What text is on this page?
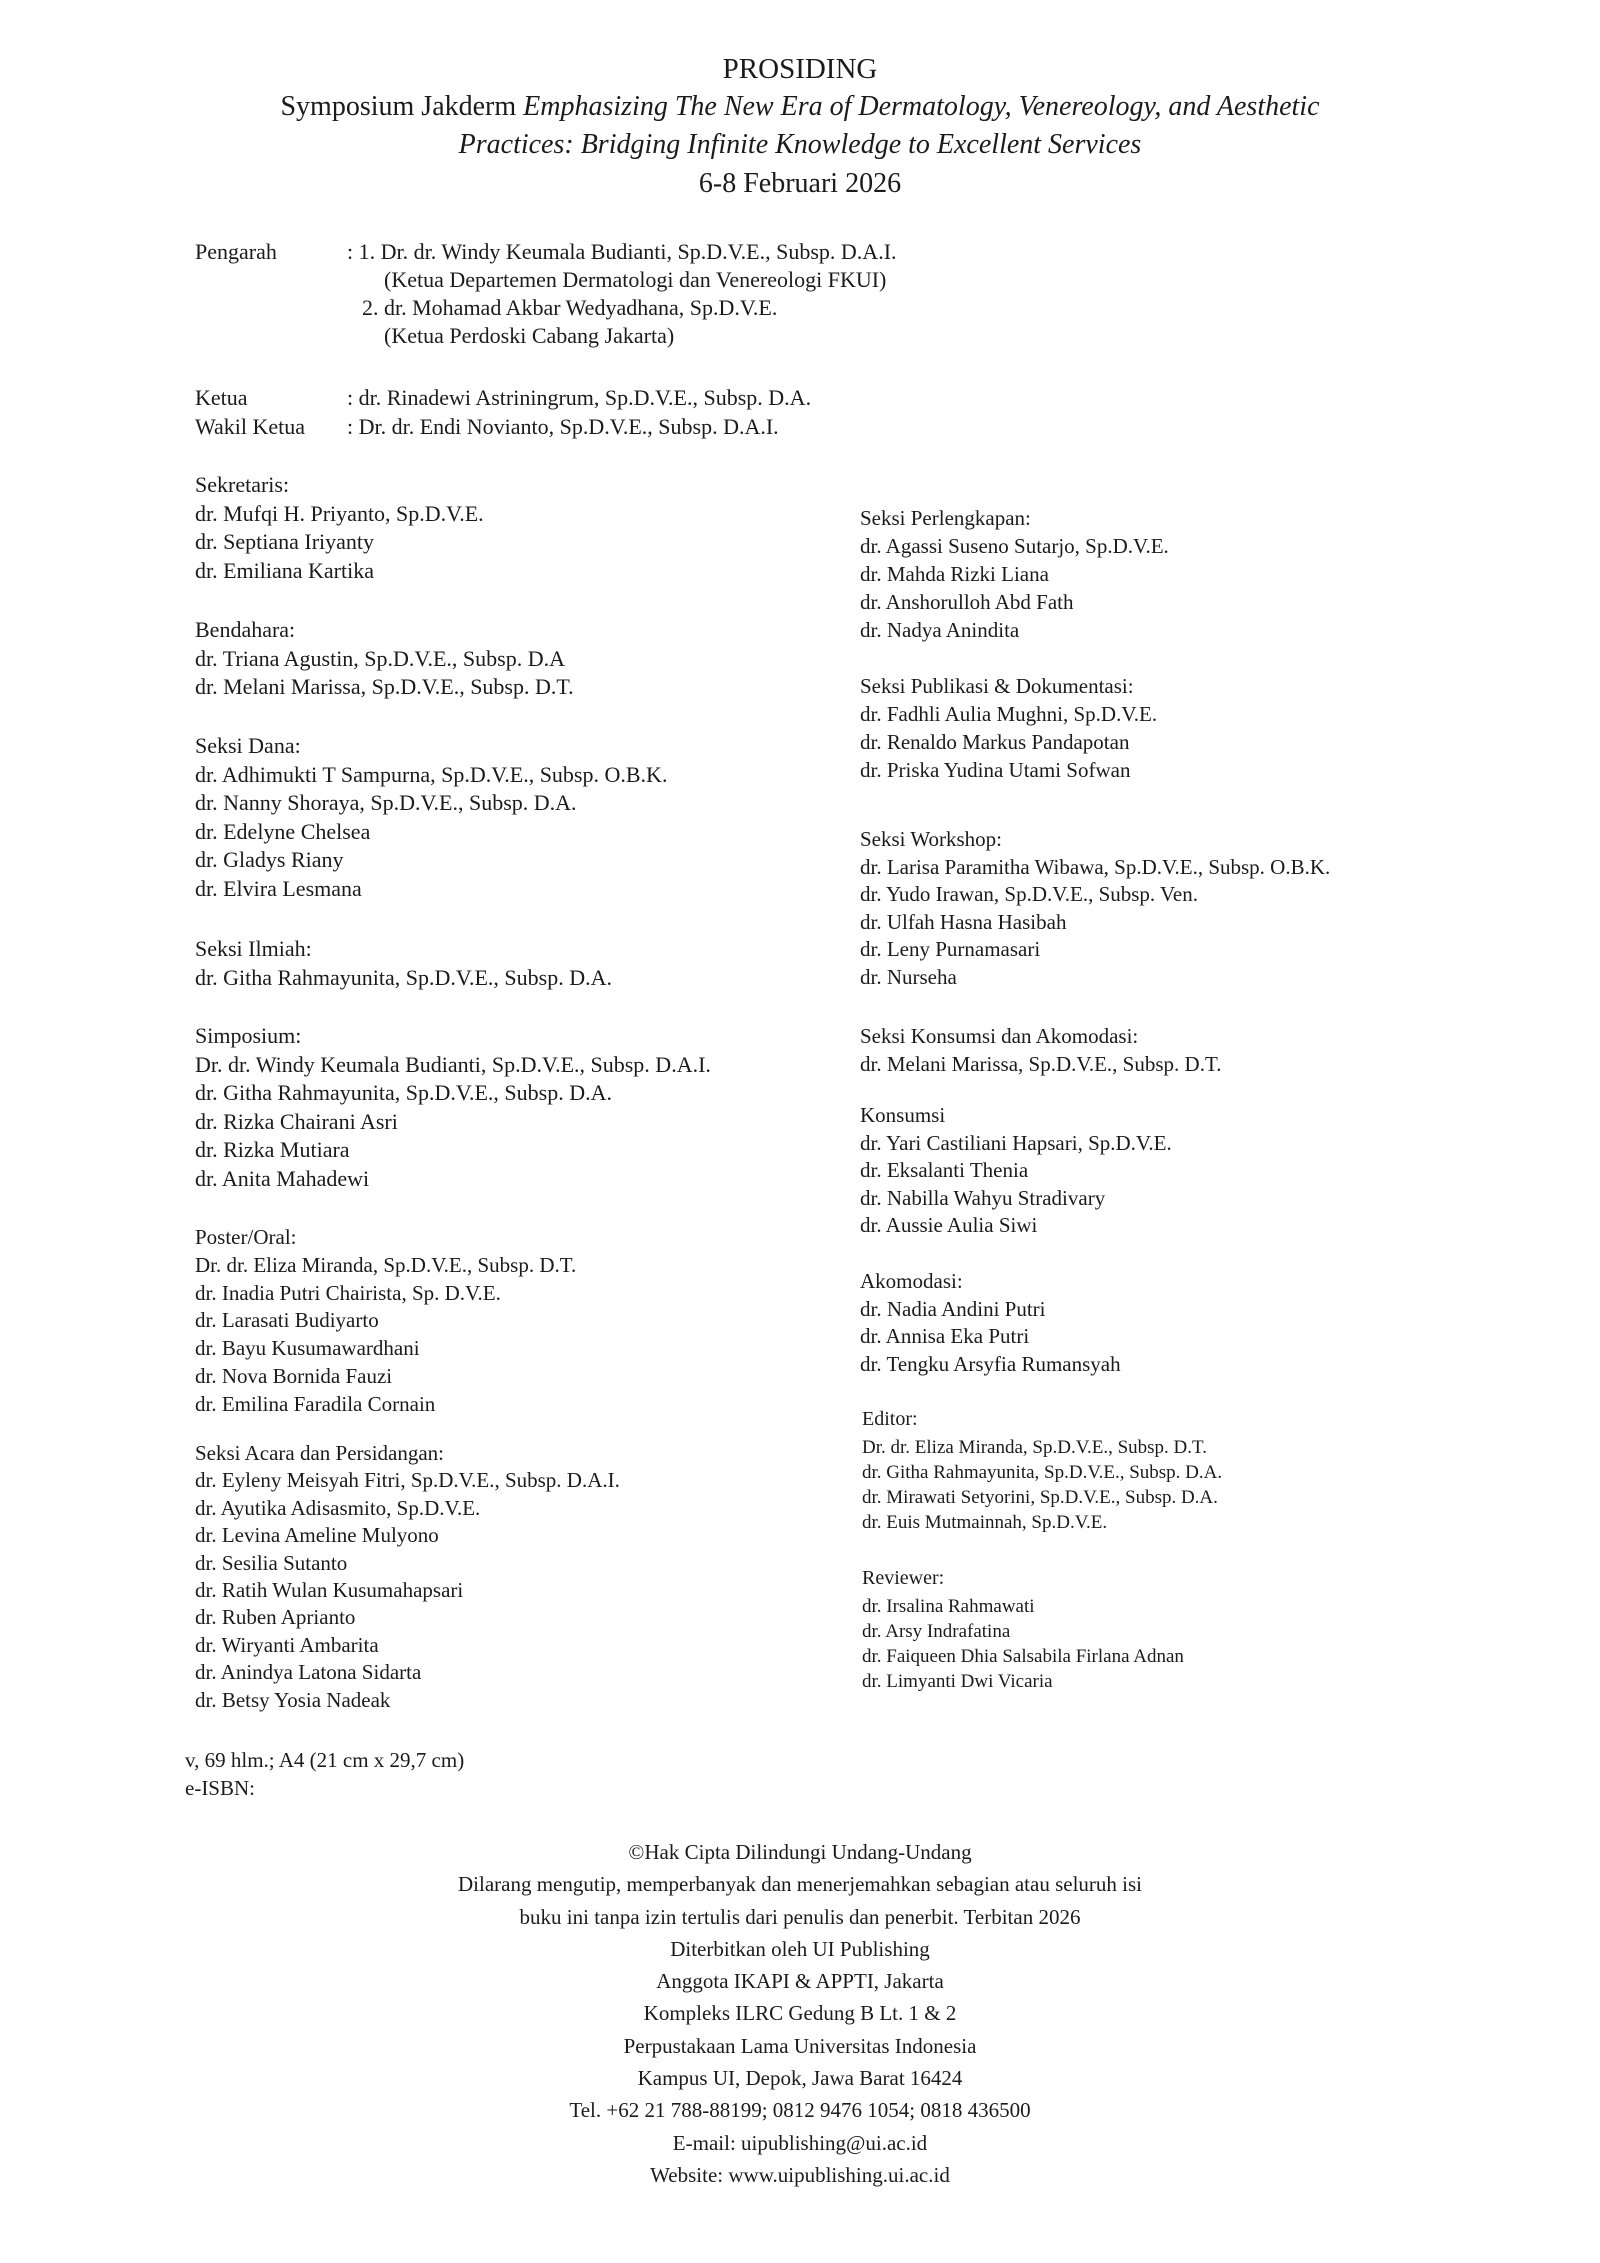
PROSIDING
Symposium Jakderm Emphasizing The New Era of Dermatology, Venereology, and Aesthetic
Practices: Bridging Infinite Knowledge to Excellent Services
6-8 Februari 2026
Pengarah	: 1. Dr. dr. Windy Keumala Budianti, Sp.D.V.E., Subsp. D.A.I.
(Ketua Departemen Dermatologi dan Venereologi FKUI)
2. dr. Mohamad Akbar Wedyadhana, Sp.D.V.E.
(Ketua Perdoski Cabang Jakarta)
Ketua	: dr. Rinadewi Astriningrum, Sp.D.V.E., Subsp. D.A.
Wakil Ketua : Dr. dr. Endi Novianto, Sp.D.V.E., Subsp. D.A.I.
Sekretaris:
dr. Mufqi H. Priyanto, Sp.D.V.E.
dr. Septiana Iriyanty
dr. Emiliana Kartika
Bendahara:
dr. Triana Agustin, Sp.D.V.E., Subsp. D.A
dr. Melani Marissa, Sp.D.V.E., Subsp. D.T.
Seksi Dana:
dr. Adhimukti T Sampurna, Sp.D.V.E., Subsp. O.B.K.
dr. Nanny Shoraya, Sp.D.V.E., Subsp. D.A.
dr. Edelyne Chelsea
dr. Gladys Riany
dr. Elvira Lesmana
Seksi Ilmiah:
dr. Githa Rahmayunita, Sp.D.V.E., Subsp. D.A.
Simposium:
Dr. dr. Windy Keumala Budianti, Sp.D.V.E., Subsp. D.A.I.
dr. Githa Rahmayunita, Sp.D.V.E., Subsp. D.A.
dr. Rizka Chairani Asri
dr. Rizka Mutiara
dr. Anita Mahadewi
Poster/Oral:
Dr. dr. Eliza Miranda, Sp.D.V.E., Subsp. D.T.
dr. Inadia Putri Chairista, Sp. D.V.E.
dr. Larasati Budiyarto
dr. Bayu Kusumawardhani
dr. Nova Bornida Fauzi
dr. Emilina Faradila Cornain
Seksi Acara dan Persidangan:
dr. Eyleny Meisyah Fitri, Sp.D.V.E., Subsp. D.A.I.
dr. Ayutika Adisasmito, Sp.D.V.E.
dr. Levina Ameline Mulyono
dr. Sesilia Sutanto
dr. Ratih Wulan Kusumahapsari
dr. Ruben Aprianto
dr. Wiryanti Ambarita
dr. Anindya Latona Sidarta
dr. Betsy Yosia Nadeak
Seksi Perlengkapan:
dr. Agassi Suseno Sutarjo, Sp.D.V.E.
dr. Mahda Rizki Liana
dr. Anshorulloh Abd Fath
dr. Nadya Anindita
Seksi Publikasi & Dokumentasi:
dr. Fadhli Aulia Mughni, Sp.D.V.E.
dr. Renaldo Markus Pandapotan
dr. Priska Yudina Utami Sofwan
Seksi Workshop:
dr. Larisa Paramitha Wibawa, Sp.D.V.E., Subsp. O.B.K.
dr. Yudo Irawan, Sp.D.V.E., Subsp. Ven.
dr. Ulfah Hasna Hasibah
dr. Leny Purnamasari
dr. Nurseha
Seksi Konsumsi dan Akomodasi:
dr. Melani Marissa, Sp.D.V.E., Subsp. D.T.
Konsumsi
dr. Yari Castiliani Hapsari, Sp.D.V.E.
dr. Eksalanti Thenia
dr. Nabilla Wahyu Stradivary
dr. Aussie Aulia Siwi
Akomodasi:
dr. Nadia Andini Putri
dr. Annisa Eka Putri
dr. Tengku Arsyfia Rumansyah
Editor:
Dr. dr. Eliza Miranda, Sp.D.V.E., Subsp. D.T.
dr. Githa Rahmayunita, Sp.D.V.E., Subsp. D.A.
dr. Mirawati Setyorini, Sp.D.V.E., Subsp. D.A.
dr. Euis Mutmainnah, Sp.D.V.E.
Reviewer:
dr. Irsalina Rahmawati
dr. Arsy Indrafatina
dr. Faiqueen Dhia Salsabila Firlana Adnan
dr. Limyanti Dwi Vicaria
v, 69 hlm.; A4 (21 cm x 29,7 cm)
e-ISBN:
©Hak Cipta Dilindungi Undang-Undang
Dilarang mengutip, memperbanyak dan menerjemahkan sebagian atau seluruh isi
buku ini tanpa izin tertulis dari penulis dan penerbit. Terbitan 2026
Diterbitkan oleh UI Publishing
Anggota IKAPI & APPTI, Jakarta
Kompleks ILRC Gedung B Lt. 1 & 2
Perpustakaan Lama Universitas Indonesia
Kampus UI, Depok, Jawa Barat 16424
Tel. +62 21 788-88199; 0812 9476 1054; 0818 436500
E-mail: uipublishing@ui.ac.id
Website: www.uipublishing.ui.ac.id
